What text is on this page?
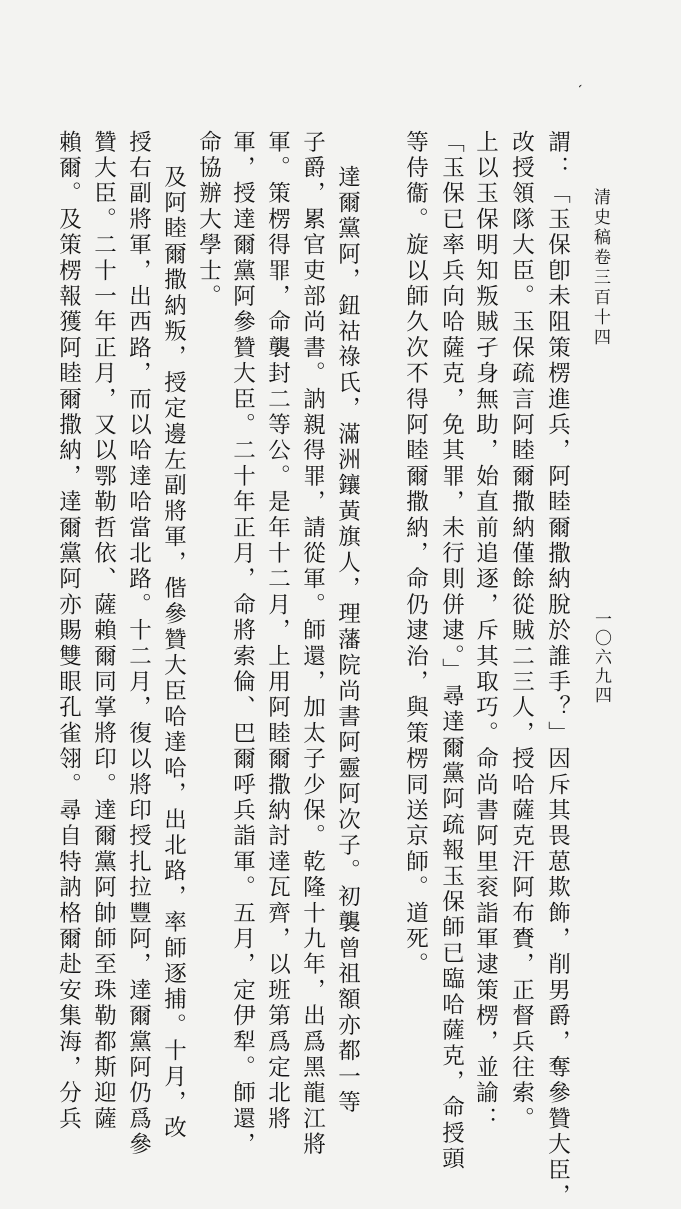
ʻ
清史稿卷三百十四
一〇六九四
謂：「玉保卽未阻策楞進兵，阿睦爾撒納脫於誰手？」因斥其畏葸欺飾，削男爵，奪參贊大臣，
改授領隊大臣。玉保疏言阿睦爾撒納僅餘從賊二三人，授哈薩克汗阿布賚，正督兵往索。
上以玉保明知叛賊孑身無助，始直前追逐，斥其取巧。命尚書阿里衮詣軍逮策楞，並諭：
「玉保已率兵向哈薩克，免其罪，未行則併逮。」尋達爾黨阿疏報玉保師已臨哈薩克，命授頭
等侍衞。旋以師久次不得阿睦爾撒納，命仍逮治，與策楞同送京師。道死。
達爾黨阿，鈕祜祿氏，滿洲鑲黃旗人，理藩院尚書阿靈阿次子。初襲曾祖額亦都一等
子爵，累官吏部尚書。訥親得罪，請從軍。師還，加太子少保。乾隆十九年，出爲黑龍江將
軍。策楞得罪，命襲封二等公。是年十二月，上用阿睦爾撒納討達瓦齊，以班第爲定北將
軍，授達爾黨阿參贊大臣。二十年正月，命將索倫、巴爾呼兵詣軍。五月，定伊犁。師還，
命協辦大學士。
及阿睦爾撒納叛，授定邊左副將軍，偕參贊大臣哈達哈，出北路，率師逐捕。十月，改
授右副將軍，出西路，而以哈達哈當北路。十二月，復以將印授扎拉豐阿，達爾黨阿仍爲參
贊大臣。二十一年正月，又以鄂勒哲依、薩賴爾同掌將印。達爾黨阿帥師至珠勒都斯迎薩
賴爾。及策楞報獲阿睦爾撒納，達爾黨阿亦賜雙眼孔雀翎。尋自特訥格爾赴安集海，分兵
